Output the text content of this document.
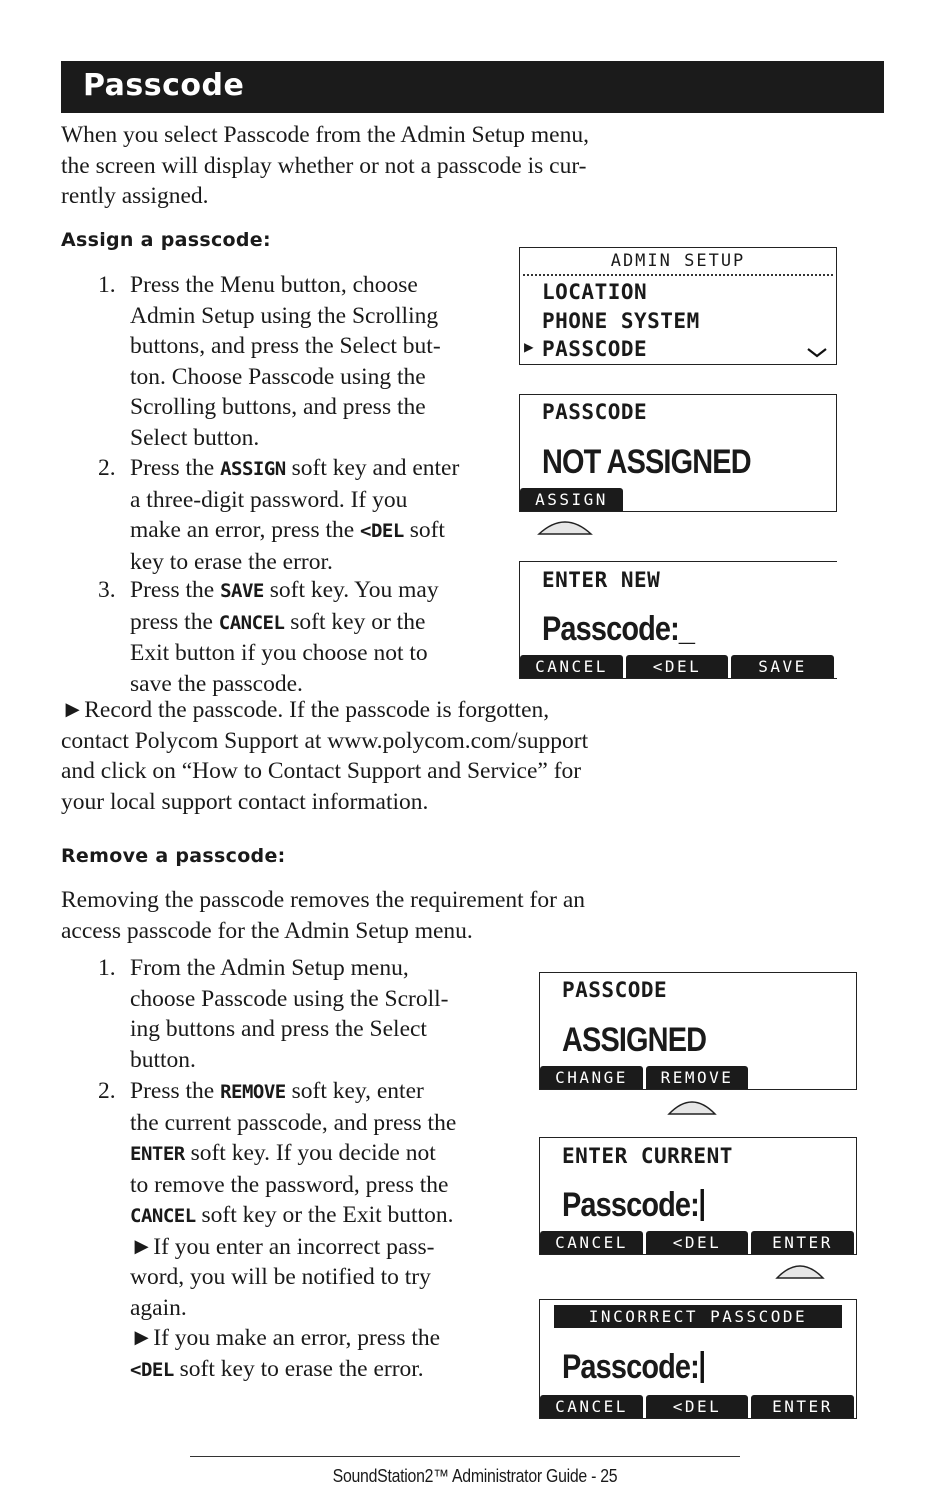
Passcode
When you select Passcode from the Admin Setup menu,
the screen will display whether or not a passcode is cur-
rently assigned.
Assign a passcode:
1. Press the Menu button, choose
Admin Setup using the Scrolling
buttons, and press the Select but-
ton. Choose Passcode using the
Scrolling buttons, and press the
Select button.
2. Press the ASSIGN soft key and enter
a three-digit password. If you
make an error, press the <DEL soft
key to erase the error.
3. Press the SAVE soft key. You may
press the CANCEL soft key or the
Exit button if you choose not to
save the passcode.
►Record the passcode. If the passcode is forgotten,
contact Polycom Support at www.polycom.com/support
and click on “How to Contact Support and Service” for
your local support contact information.
Remove a passcode:
Removing the passcode removes the requirement for an
access passcode for the Admin Setup menu.
1. From the Admin Setup menu,
choose Passcode using the Scroll-
ing buttons and press the Select
button.
2. Press the REMOVE soft key, enter
the current passcode, and press the
ENTER soft key. If you decide not
to remove the password, press the
CANCEL soft key or the Exit button.
►If you enter an incorrect pass-
word, you will be notified to try
again.
►If you make an error, press the
<DEL soft key to erase the error.
ADMIN SETUP
LOCATION
PHONE SYSTEM
▶ PASSCODE
PASSCODE
NOT ASSIGNED
ASSIGN
ENTER NEW
Passcode:_
CANCEL	<DEL	SAVE
PASSCODE
ASSIGNED
CHANGE	REMOVE
ENTER CURRENT
Passcode:
CANCEL	<DEL	ENTER
INCORRECT PASSCODE
Passcode:
CANCEL	<DEL	ENTER
SoundStation2™ Administrator Guide - 25
